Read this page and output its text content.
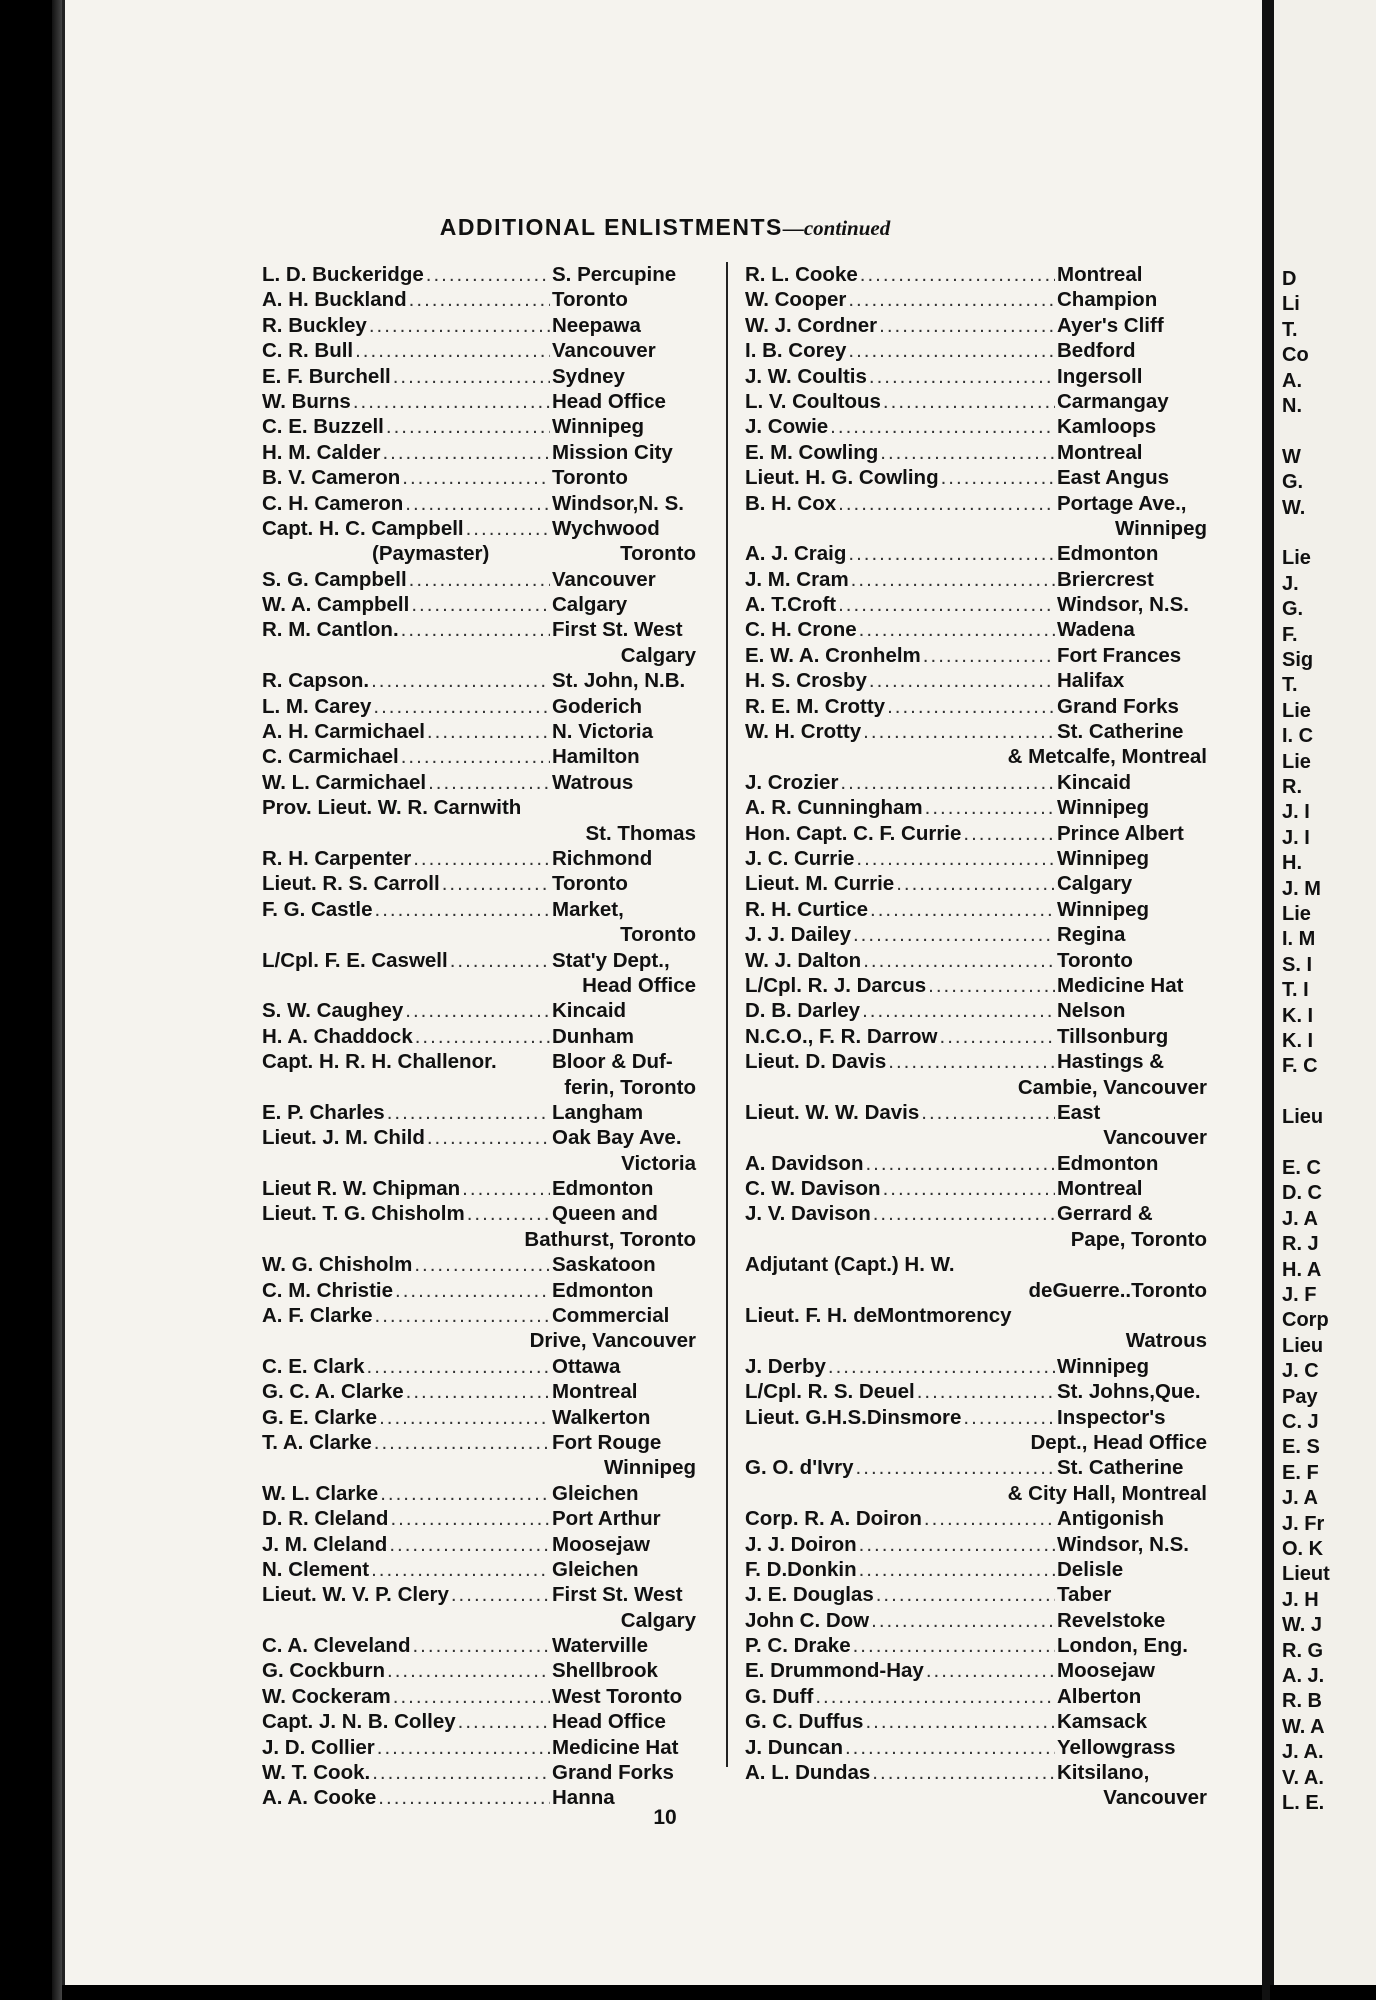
ADDITIONAL ENLISTMENTS—continued
L. D. Buckeridge .....	S. Percupine
A. H. Buckland .....	Toronto
R. Buckley .....	Neepawa
C. R. Bull .....	Vancouver
E. F. Burchell .....	Sydney
W. Burns .....	Head Office
C. E. Buzzell .....	Winnipeg
H. M. Calder .....	Mission City
B. V. Cameron .....	Toronto
C. H. Cameron .....	Windsor,N. S.
Capt. H. C. Campbell .....	Wychwood
(Paymaster)	Toronto
S. G. Campbell .....	Vancouver
W. A. Campbell .....	Calgary
R. M. Cantlon. .....	First St. West
Calgary
R. Capson. .....	St. John, N.B.
L. M. Carey .....	Goderich
A. H. Carmichael .....	N. Victoria
C. Carmichael .....	Hamilton
W. L. Carmichael .....	Watrous
Prov. Lieut. W. R. Carnwith
St. Thomas
R. H. Carpenter .....	Richmond
Lieut. R. S. Carroll .....	Toronto
F. G. Castle .....	Market,
Toronto
L/Cpl. F. E. Caswell .....	Stat'y Dept.,
Head Office
S. W. Caughey .....	Kincaid
H. A. Chaddock .....	Dunham
Capt. H. R. H. Challenor.	Bloor & Duf-
ferin, Toronto
E. P. Charles .....	Langham
Lieut. J. M. Child .....	Oak Bay Ave.
Victoria
Lieut R. W. Chipman .....	Edmonton
Lieut. T. G. Chisholm .....	Queen and
Bathurst, Toronto
W. G. Chisholm .....	Saskatoon
C. M. Christie .....	Edmonton
A. F. Clarke .....	Commercial
Drive, Vancouver
C. E. Clark .....	Ottawa
G. C. A. Clarke .....	Montreal
G. E. Clarke .....	Walkerton
T. A. Clarke .....	Fort Rouge
Winnipeg
W. L. Clarke .....	Gleichen
D. R. Cleland .....	Port Arthur
J. M. Cleland .....	Moosejaw
N. Clement .....	Gleichen
Lieut. W. V. P. Clery .....	First St. West
Calgary
C. A. Cleveland .....	Waterville
G. Cockburn .....	Shellbrook
W. Cockeram .....	West Toronto
Capt. J. N. B. Colley .....	Head Office
J. D. Collier .....	Medicine Hat
W. T. Cook. .....	Grand Forks
A. A. Cooke .....	Hanna
R. L. Cooke .....	Montreal
W. Cooper .....	Champion
W. J. Cordner .....	Ayer's Cliff
I. B. Corey .....	Bedford
J. W. Coultis .....	Ingersoll
L. V. Coultous .....	Carmangay
J. Cowie .....	Kamloops
E. M. Cowling .....	Montreal
Lieut. H. G. Cowling .....	East Angus
B. H. Cox .....	Portage Ave.,
Winnipeg
A. J. Craig .....	Edmonton
J. M. Cram .....	Briercrest
A. T.Croft .....	Windsor, N.S.
C. H. Crone .....	Wadena
E. W. A. Cronhelm .....	Fort Frances
H. S. Crosby .....	Halifax
R. E. M. Crotty .....	Grand Forks
W. H. Crotty .....	St. Catherine
& Metcalfe, Montreal
J. Crozier .....	Kincaid
A. R. Cunningham .....	Winnipeg
Hon. Capt. C. F. Currie .....	Prince Albert
J. C. Currie .....	Winnipeg
Lieut. M. Currie .....	Calgary
R. H. Curtice .....	Winnipeg
J. J. Dailey .....	Regina
W. J. Dalton .....	Toronto
L/Cpl. R. J. Darcus .....	Medicine Hat
D. B. Darley .....	Nelson
N.C.O., F. R. Darrow .....	Tillsonburg
Lieut. D. Davis .....	Hastings &
Cambie, Vancouver
Lieut. W. W. Davis .....	East
Vancouver
A. Davidson .....	Edmonton
C. W. Davison .....	Montreal
J. V. Davison .....	Gerrard &
Pape, Toronto
Adjutant (Capt.) H. W.
deGuerre .. Toronto
Lieut. F. H. deMontmorency
Watrous
J. Derby .....	Winnipeg
L/Cpl. R. S. Deuel .....	St. Johns,Que.
Lieut. G.H.S.Dinsmore .....	Inspector's
Dept., Head Office
G. O. d'Ivry .....	St. Catherine
& City Hall, Montreal
Corp. R. A. Doiron .....	Antigonish
J. J. Doiron .....	Windsor, N.S.
F. D.Donkin .....	Delisle
J. E. Douglas .....	Taber
John C. Dow .....	Revelstoke
P. C. Drake .....	London, Eng.
E. Drummond-Hay .....	Moosejaw
G. Duff .....	Alberton
G. C. Duffus .....	Kamsack
J. Duncan .....	Yellowgrass
A. L. Dundas .....	Kitsilano,
Vancouver
10
D
Li
T.
Co
A.
N.
W
G.
W.
Lie
J.
G.
F.
Sig
T.
Lie
I. C
Lie
R.
J. I
J. I
H.
J. M
Lie
I. M
S. I
T. I
K. I
K. I
F. C
Lieu
E. C
D. C
J. A
R. J
H. A
J. F
Corp
Lieu
J. C
Pay
C. J
E. S
E. F
J. A
J. Fr
O. K
Lieut
J. H
W. J
R. G
A. J.
R. B
W. A
J. A.
V. A.
L. E.
